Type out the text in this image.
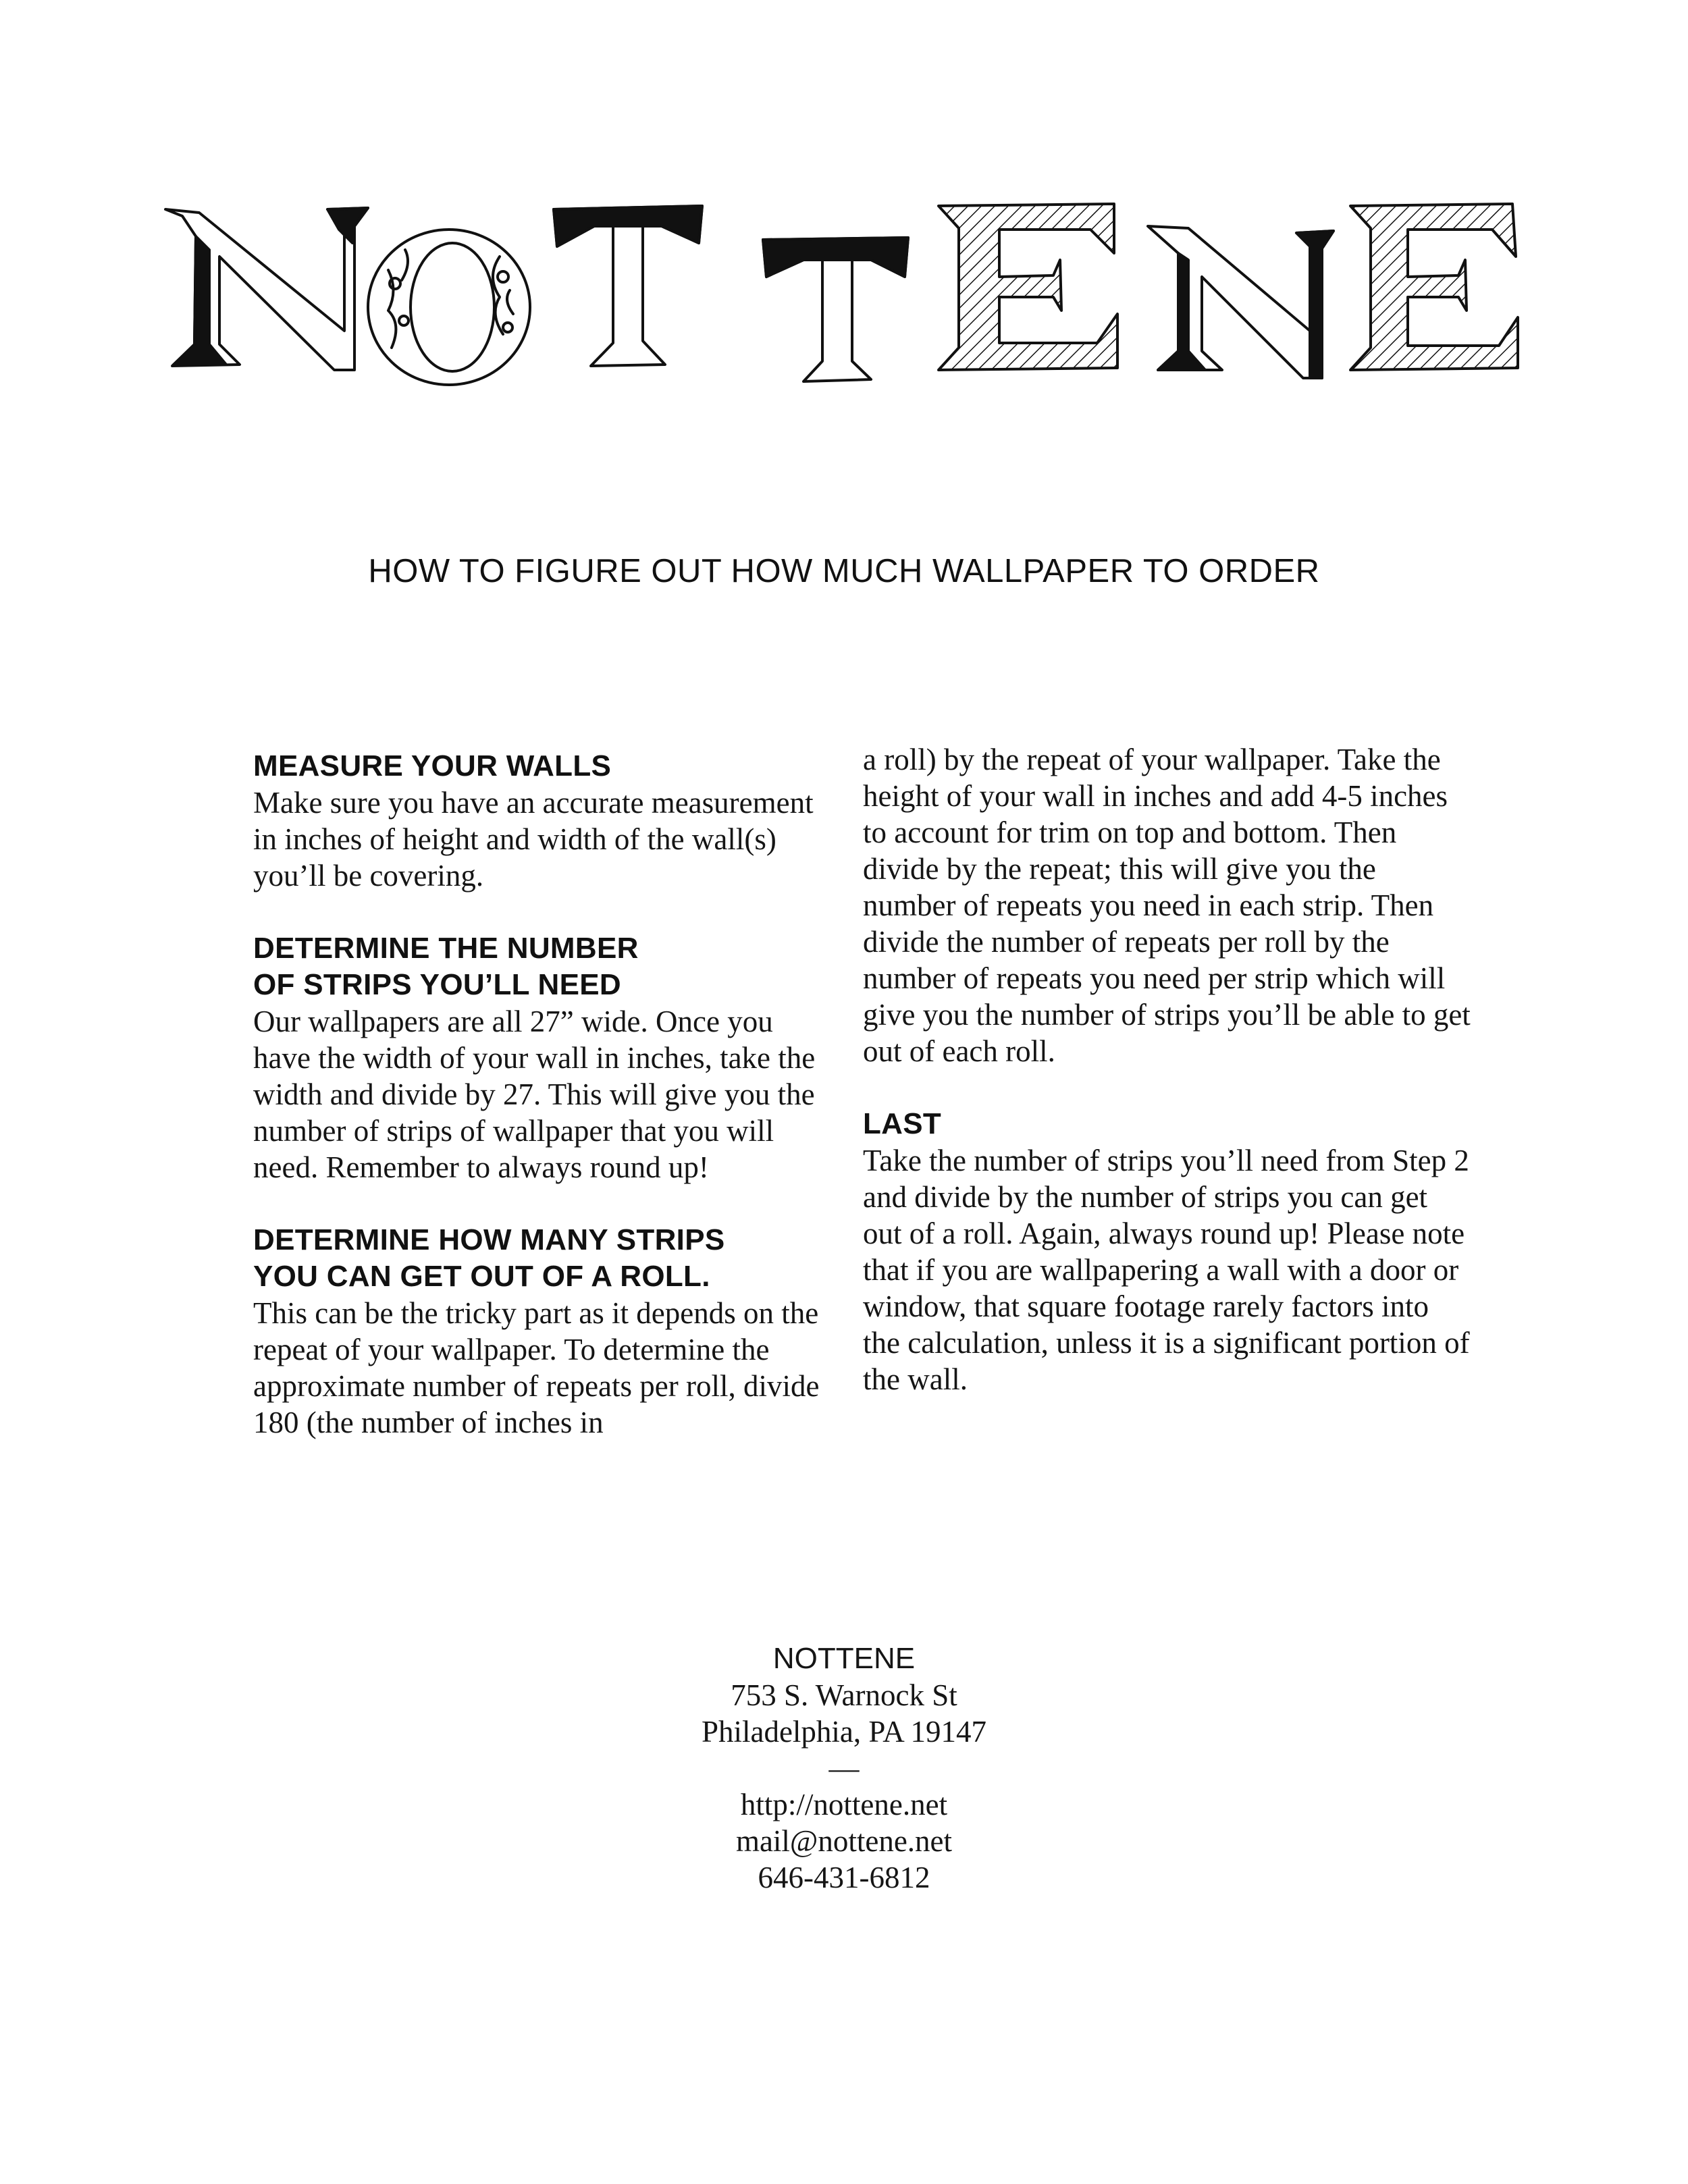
HOW TO FIGURE OUT HOW MUCH WALLPAPER TO ORDER
MEASURE YOUR WALLS
Make sure you have an accurate measurement in inches of height and width of the wall(s) you’ll be covering.
DETERMINE THE NUMBER
OF STRIPS YOU’LL NEED
Our wallpapers are all 27” wide. Once you have the width of your wall in inches, take the width and divide by 27. This will give you the number of strips of wallpaper that you will need. Remember to always round up!
DETERMINE HOW MANY STRIPS
YOU CAN GET OUT OF A ROLL.
This can be the tricky part as it depends on the repeat of your wallpaper. To determine the approximate number of repeats per roll, divide 180 (the number of inches in
a roll) by the repeat of your wallpaper. Take the height of your wall in inches and add 4-5 inches to account for trim on top and bottom. Then divide by the repeat; this will give you the number of repeats you need in each strip. Then divide the number of repeats per roll by the number of repeats you need per strip which will give you the number of strips you’ll be able to get out of each roll.
LAST
Take the number of strips you’ll need from Step 2 and divide by the number of strips you can get out of a roll. Again, always round up! Please note that if you are wallpapering a wall with a door or window, that square footage rarely factors into the calculation, unless it is a significant portion of the wall.
NOTTENE
753 S. Warnock St
Philadelphia, PA 19147
—
http://nottene.net
mail@nottene.net
646-431-6812
